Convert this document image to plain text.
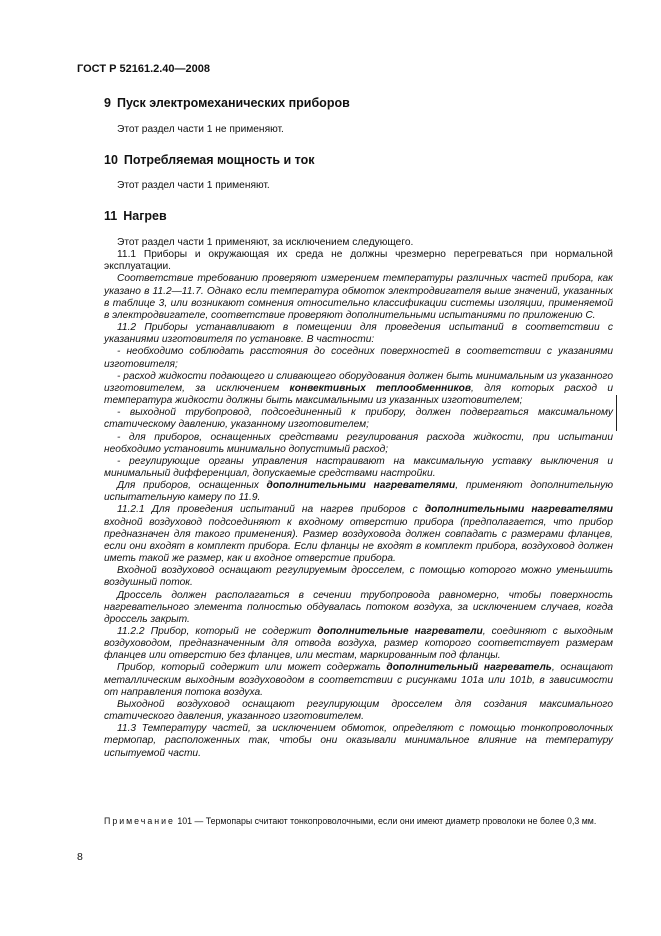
ГОСТ Р 52161.2.40—2008
9 Пуск электромеханических приборов

Этот раздел части 1 не применяют.

10 Потребляемая мощность и ток

Этот раздел части 1 применяют.

11 Нагрев

Этот раздел части 1 применяют, за исключением следующего.

11.1 Приборы и окружающая их среда не должны чрезмерно перегреваться при нормальной эксплуатации.

Соответствие требованию проверяют измерением температуры различных частей прибора, как указано в 11.2—11.7. Однако если температура обмоток электродвигателя выше значений, указанных в таблице 3, или возникают сомнения относительно классификации системы изоляции, применяемой в электродвигателе, соответствие проверяют дополнительными испытаниями по приложению С.

11.2 Приборы устанавливают в помещении для проведения испытаний в соответствии с указаниями изготовителя по установке. В частности:

- необходимо соблюдать расстояния до соседних поверхностей в соответствии с указаниями изготовителя;

- расход жидкости подающего и сливающего оборудования должен быть минимальным из указанного изготовителем, за исключением конвективных теплообменников, для которых расход и температура жидкости должны быть максимальными из указанных изготовителем;

- выходной трубопровод, подсоединенный к прибору, должен подвергаться максимальному статическому давлению, указанному изготовителем;

- для приборов, оснащенных средствами регулирования расхода жидкости, при испытании необходимо установить минимально допустимый расход;

- регулирующие органы управления настраивают на максимальную уставку выключения и минимальный дифференциал, допускаемые средствами настройки.

Для приборов, оснащенных дополнительными нагревателями, применяют дополнительную испытательную камеру по 11.9.

11.2.1 Для проведения испытаний на нагрев приборов с дополнительными нагревателями входной воздуховод подсоединяют к входному отверстию прибора (предполагается, что прибор предназначен для такого применения). Размер воздуховода должен совпадать с размерами фланцев, если они входят в комплект прибора. Если фланцы не входят в комплект прибора, воздуховод должен иметь такой же размер, как и входное отверстие прибора.

Входной воздуховод оснащают регулируемым дросселем, с помощью которого можно уменьшить воздушный поток.

Дроссель должен располагаться в сечении трубопровода равномерно, чтобы поверхность нагревательного элемента полностью обдувалась потоком воздуха, за исключением случаев, когда дроссель закрыт.

11.2.2 Прибор, который не содержит дополнительные нагреватели, соединяют с выходным воздуховодом, предназначенным для отвода воздуха, размер которого соответствует размерам фланцев или отверстию без фланцев, или местам, маркированным под фланцы.

Прибор, который содержит или может содержать дополнительный нагреватель, оснащают металлическим выходным воздуховодом в соответствии с рисунками 101а или 101b, в зависимости от направления потока воздуха.

Выходной воздуховод оснащают регулирующим дросселем для создания максимального статического давления, указанного изготовителем.

11.3 Температуру частей, за исключением обмоток, определяют с помощью тонкопроволочных термопар, расположенных так, чтобы они оказывали минимальное влияние на температуру испытуемой части.

Примечание 101 — Термопары считают тонкопроволочными, если они имеют диаметр проволоки не более 0,3 мм.

8
